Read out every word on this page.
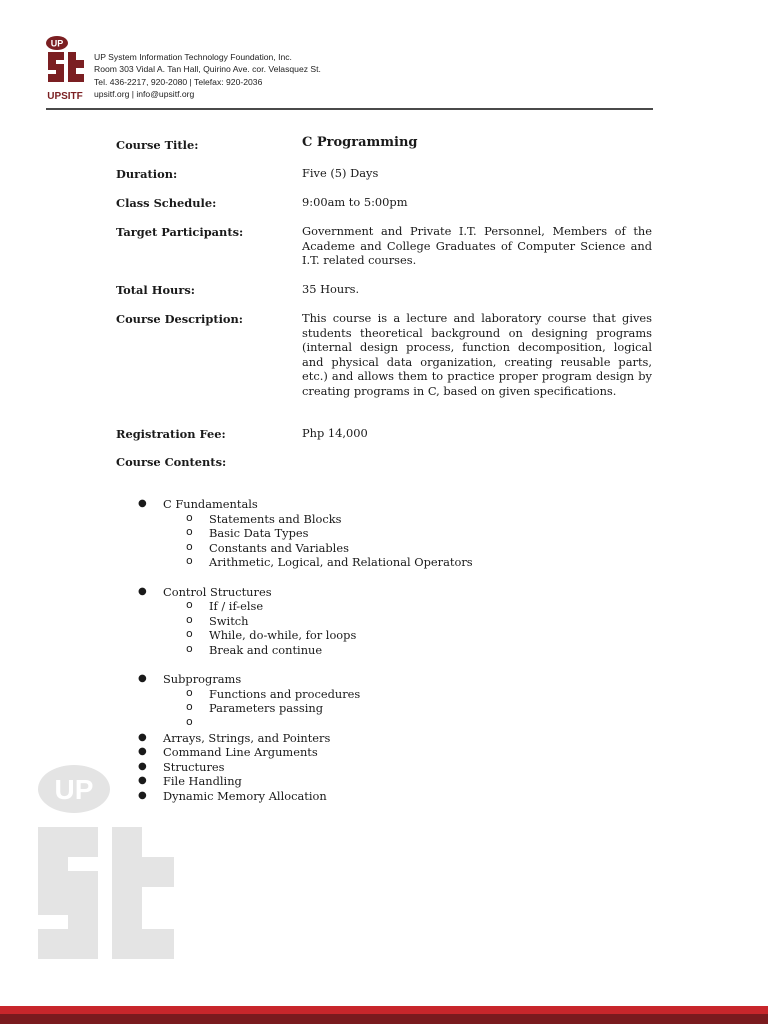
UP
UPSITF
UP System Information Technology Foundation, Inc.
Room 303 Vidal A. Tan Hall, Quirino Ave. cor. Velasquez St.
Tel. 436-2217, 920-2080 | Telefax: 920-2036
upsitf.org | info@upsitf.org
Course Title:	C Programming
Duration:	Five (5) Days
Class Schedule:	9:00am to 5:00pm
Target Participants:	Government and Private I.T. Personnel, Members of the Academe and College Graduates of Computer Science and I.T. related courses.
Total Hours:	35 Hours.
Course Description:	This course is a lecture and laboratory course that gives students theoretical background on designing programs (internal design process, function decomposition, logical and physical data organization, creating reusable parts, etc.) and allows them to practice proper program design by creating programs in C, based on given specifications.
Registration Fee:	Php 14,000
Course Contents:
● C Fundamentals
o Statements and Blocks
o Basic Data Types
o Constants and Variables
o Arithmetic, Logical, and Relational Operators
● Control Structures
o If / if-else
o Switch
o While, do-while, for loops
o Break and continue
● Subprograms
o Functions and procedures
o Parameters passing
o
● Arrays, Strings, and Pointers
● Command Line Arguments
● Structures
● File Handling
● Dynamic Memory Allocation
UP
